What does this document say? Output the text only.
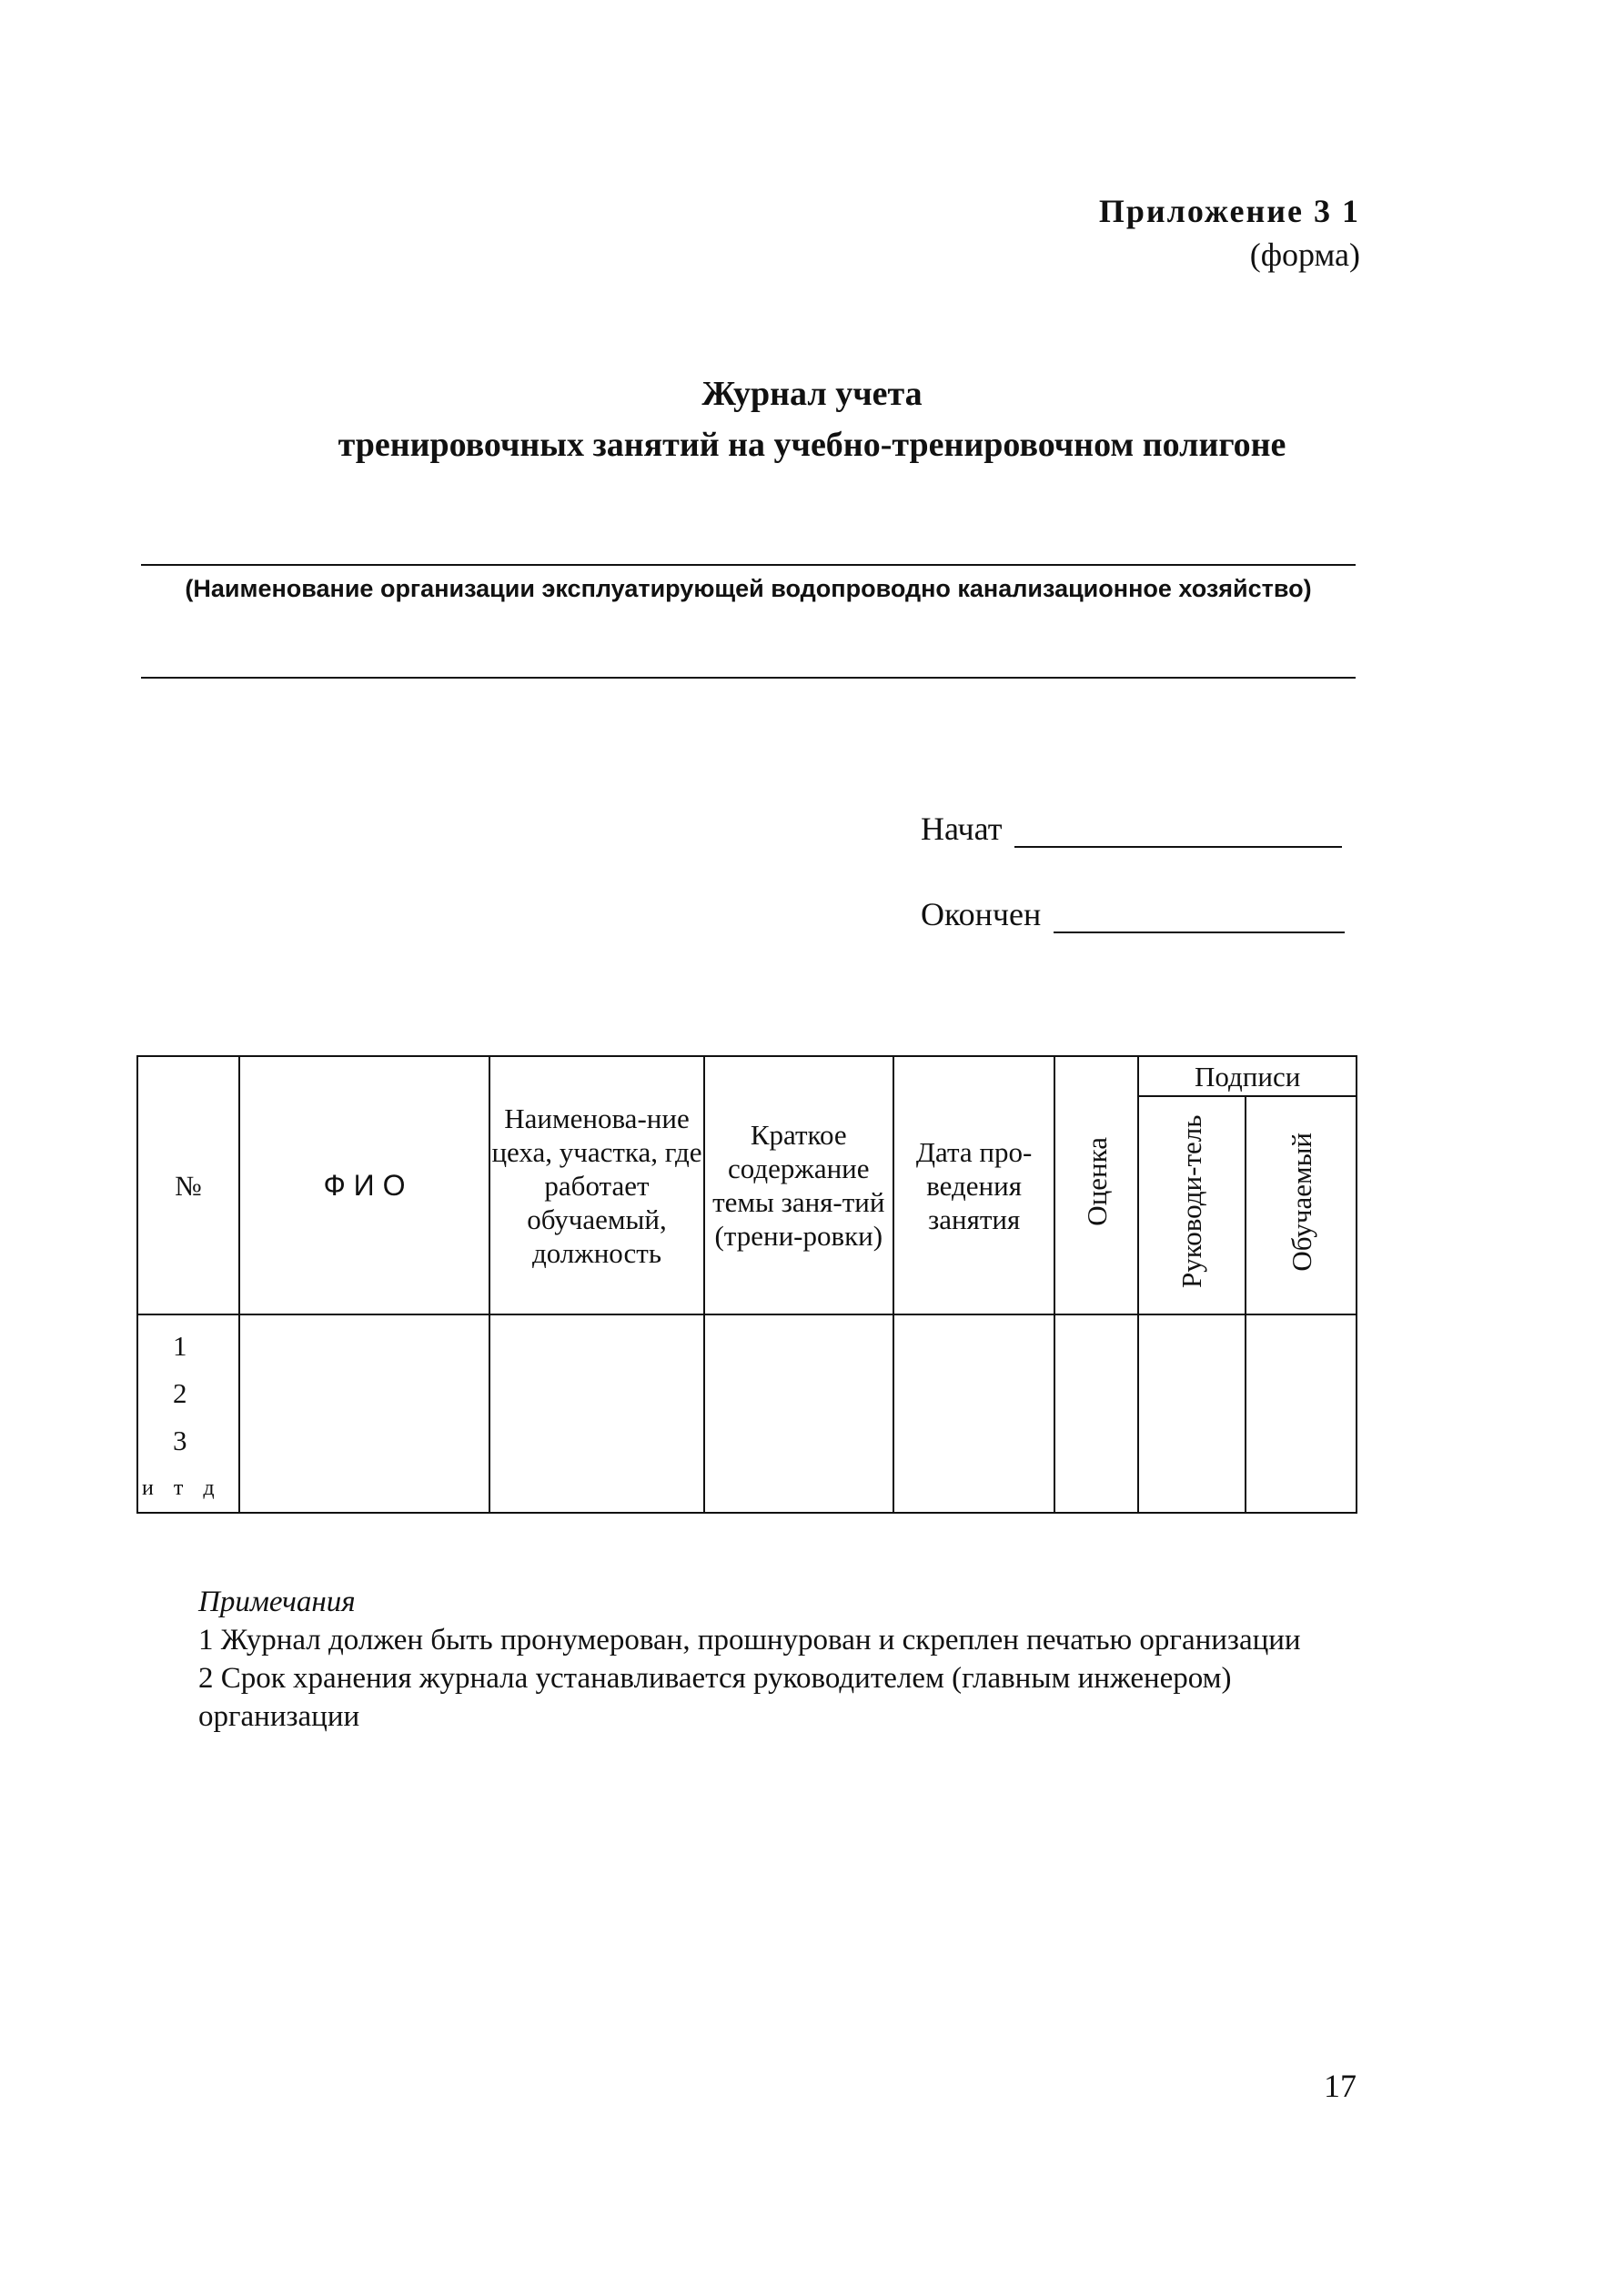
Приложение 3 1
(форма)
Журнал учета
тренировочных занятий на учебно-тренировочном полигоне
(Наименование организации эксплуатирующей водопроводно канализационное хозяйство)
Начат
Окончен
№	Ф И О	Наименова-ние цеха, участка, где работает обучаемый, должность	Краткое содержание темы заня-тий (трени-ровки)	Дата про-ведения занятия	Оценка	Подписи	
						Руководи-тель	Обучаемый

1
2
3
и т д							

Примечания
1 Журнал должен быть пронумерован, прошнурован и скреплен печатью организации
2 Срок хранения журнала устанавливается руководителем (главным инженером) организации
17
